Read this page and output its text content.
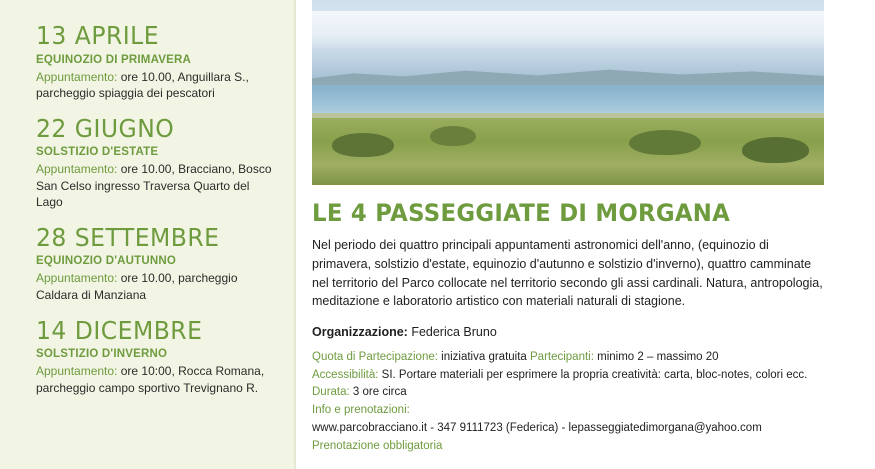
13 APRILE
EQUINOZIO DI PRIMAVERA

Appuntamento: ore 10.00, Anguillara S., parcheggio spiaggia dei pescatori

22 GIUGNO
SOLSTIZIO D'ESTATE

Appuntamento: ore 10.00, Bracciano, Bosco San Celso ingresso Traversa Quarto del Lago

28 SETTEMBRE
EQUINOZIO D'AUTUNNO

Appuntamento: ore 10.00, parcheggio Caldara di Manziana

14 DICEMBRE
SOLSTIZIO D'INVERNO

Appuntamento: ore 10:00, Rocca Romana, parcheggio campo sportivo Trevignano R.

LE 4 PASSEGGIATE DI MORGANA

Nel periodo dei quattro principali appuntamenti astronomici dell'anno, (equinozio di primavera, solstizio d'estate, equinozio d'autunno e solstizio d'inverno), quattro camminate nel territorio del Parco collocate nel territorio secondo gli assi cardinali. Natura, antropologia, meditazione e laboratorio artistico con materiali naturali di stagione.

Organizzazione: Federica Bruno

Quota di Partecipazione: iniziativa gratuita Partecipanti: minimo 2 – massimo 20

Accessibilità: SI. Portare materiali per esprimere la propria creatività: carta, bloc-notes, colori ecc.

Durata: 3 ore circa

Info e prenotazioni:

www.parcobracciano.it - 347 9111723 (Federica) - lepasseggiatedimorgana@yahoo.com

Prenotazione obbligatoria
